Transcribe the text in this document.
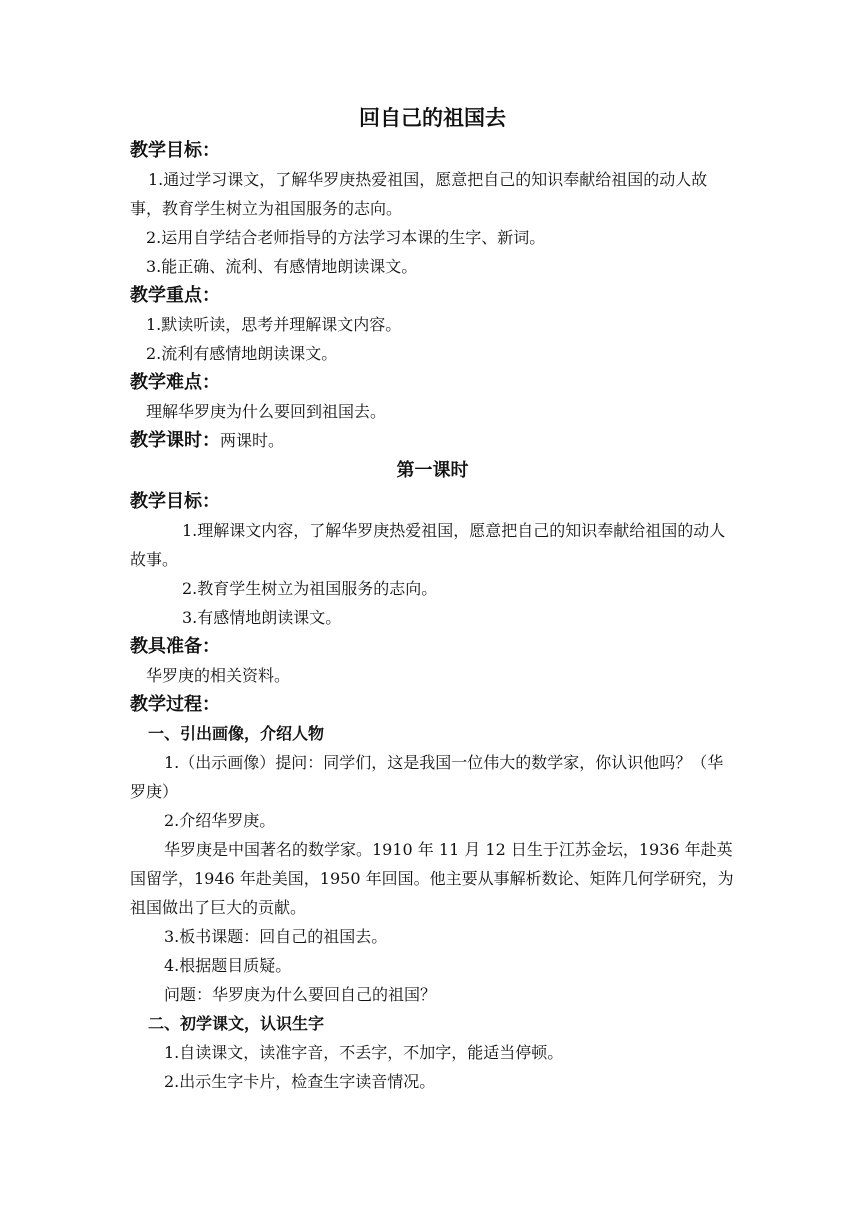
回自己的祖国去

教学目标：

1.通过学习课文，了解华罗庚热爱祖国，愿意把自己的知识奉献给祖国的动人故事，教育学生树立为祖国服务的志向。

2.运用自学结合老师指导的方法学习本课的生字、新词。

3.能正确、流利、有感情地朗读课文。

教学重点：

1.默读听读，思考并理解课文内容。

2.流利有感情地朗读课文。

教学难点：

理解华罗庚为什么要回到祖国去。

教学课时：两课时。

第一课时

教学目标：

1.理解课文内容，了解华罗庚热爱祖国，愿意把自己的知识奉献给祖国的动人故事。

2.教育学生树立为祖国服务的志向。

3.有感情地朗读课文。

教具准备：

华罗庚的相关资料。

教学过程：

一、引出画像，介绍人物

1.（出示画像）提问：同学们，这是我国一位伟大的数学家，你认识他吗？（华罗庚）

2.介绍华罗庚。

华罗庚是中国著名的数学家。1910 年 11 月 12 日生于江苏金坛，1936 年赴英国留学，1946 年赴美国，1950 年回国。他主要从事解析数论、矩阵几何学研究，为祖国做出了巨大的贡献。

3.板书课题：回自己的祖国去。

4.根据题目质疑。

问题：华罗庚为什么要回自己的祖国？

二、初学课文，认识生字

1.自读课文，读准字音，不丢字，不加字，能适当停顿。

2.出示生字卡片，检查生字读音情况。
